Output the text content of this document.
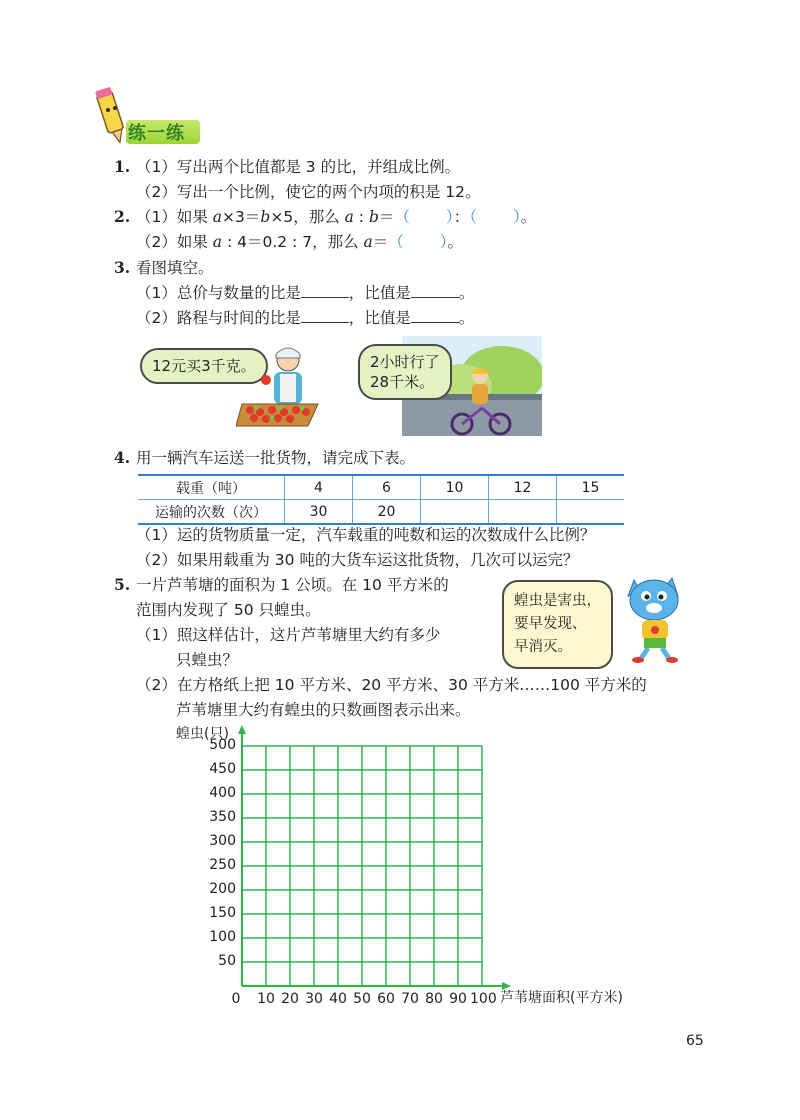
练一练
1. （1）写出两个比值都是 3 的比，并组成比例。
（2）写出一个比例，使它的两个内项的积是 12。
2. （1）如果 a×3＝b×5，那么 a : b＝（ ）：（ ）。
（2）如果 a : 4＝0.2 : 7，那么 a＝（ ）。
3. 看图填空。
（1）总价与数量的比是	，比值是	。
（2）路程与时间的比是	，比值是	。
12元买3千克。	2小时行了
28千米。
4. 用一辆汽车运送一批货物，请完成下表。
载重（吨）	4	6	10	12	15
运输的次数（次）	30	20			
（1）运的货物质量一定，汽车载重的吨数和运的次数成什么比例？
（2）如果用载重为 30 吨的大货车运这批货物，几次可以运完？
5. 一片芦苇塘的面积为 1 公顷。在 10 平方米的
范围内发现了 50 只蝗虫。
（1）照这样估计，这片芦苇塘里大约有多少
只蝗虫？
（2）在方格纸上把 10 平方米、20 平方米、30 平方米……100 平方米的
芦苇塘里大约有蝗虫的只数画图表示出来。
蝗虫是害虫，
要早发现、
早消灭。
蝗虫(只)
50
100
150
200
250
300
350
400
450
500
0	10 20 30 40 50 60 70 80 90 100 芦苇塘面积(平方米)
65
